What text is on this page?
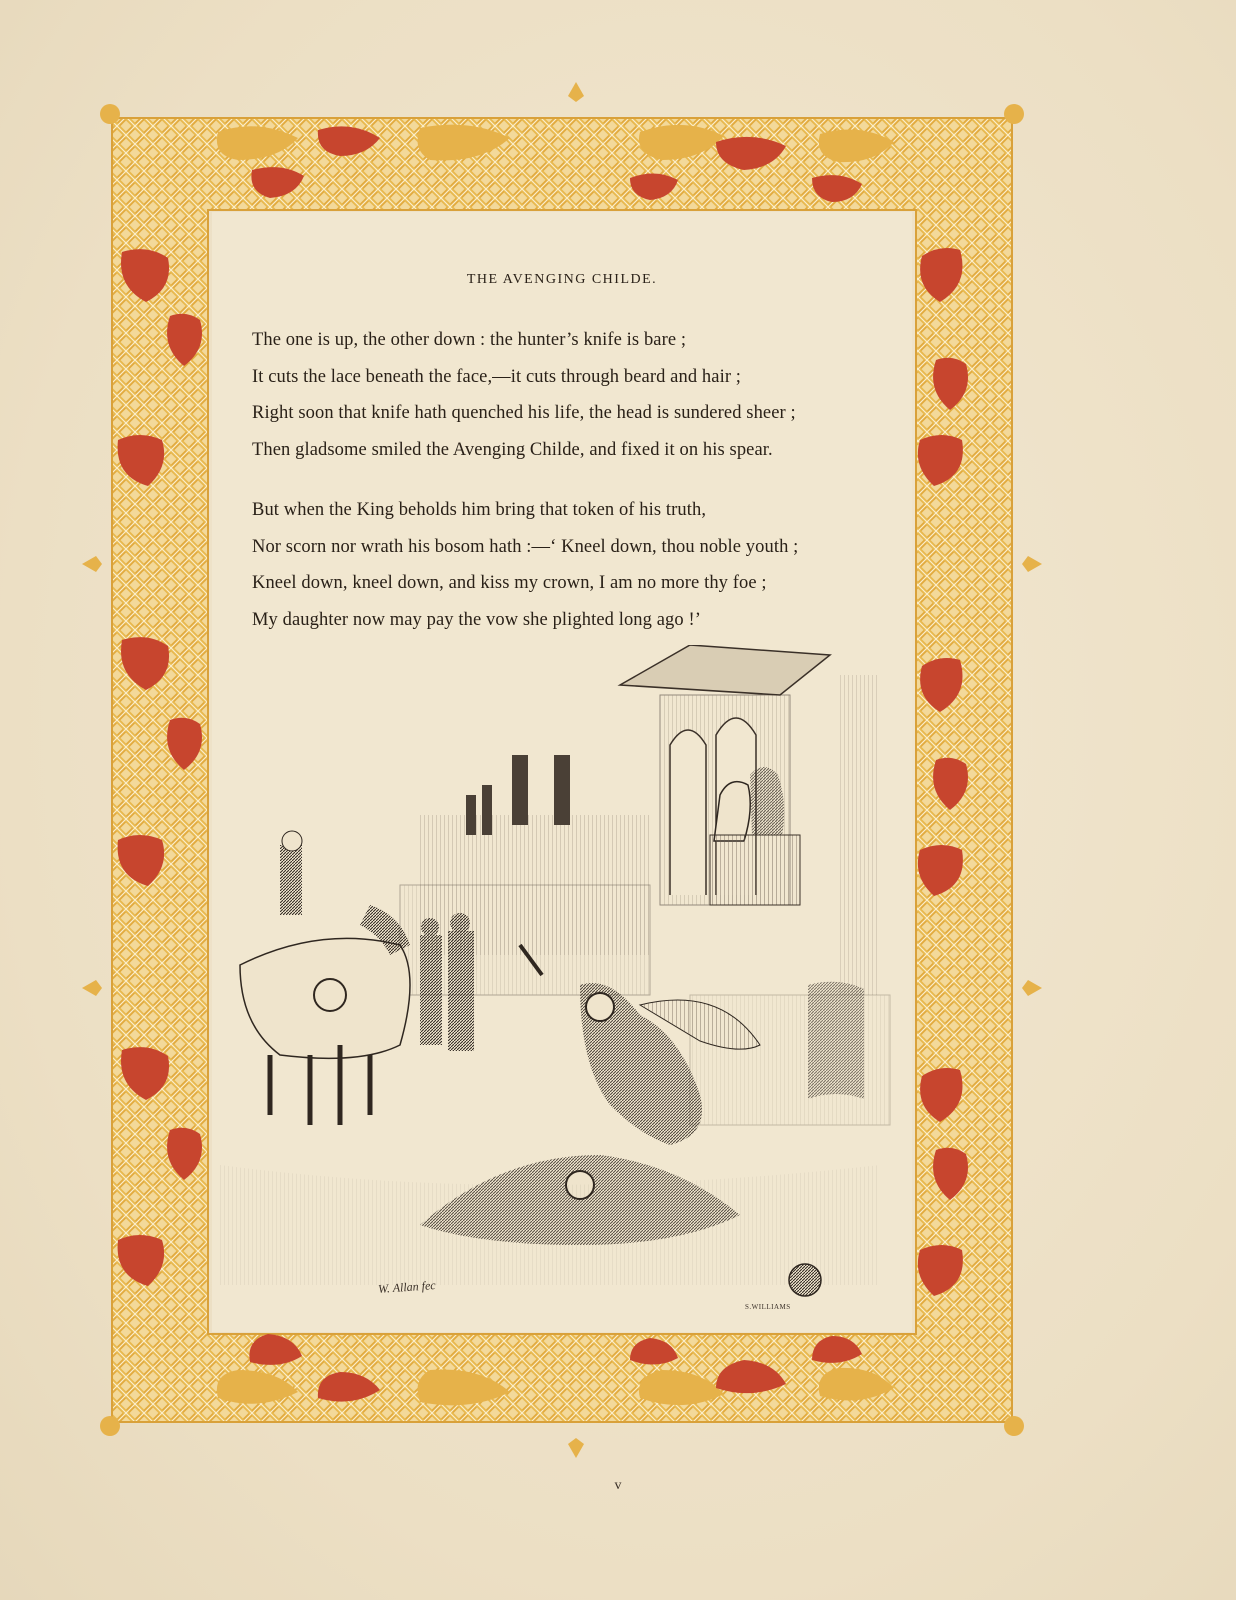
THE AVENGING CHILDE.
The one is up, the other down : the hunter’s knife is bare ;
It cuts the lace beneath the face,—it cuts through beard and hair ;
Right soon that knife hath quenched his life, the head is sundered sheer ;
Then gladsome smiled the Avenging Childe, and fixed it on his spear.
But when the King beholds him bring that token of his truth,
Nor scorn nor wrath his bosom hath :—‘ Kneel down, thou noble youth ;
Kneel down, kneel down, and kiss my crown, I am no more thy foe ;
My daughter now may pay the vow she plighted long ago !’
W. Allan fec
S.WILLIAMS
v
